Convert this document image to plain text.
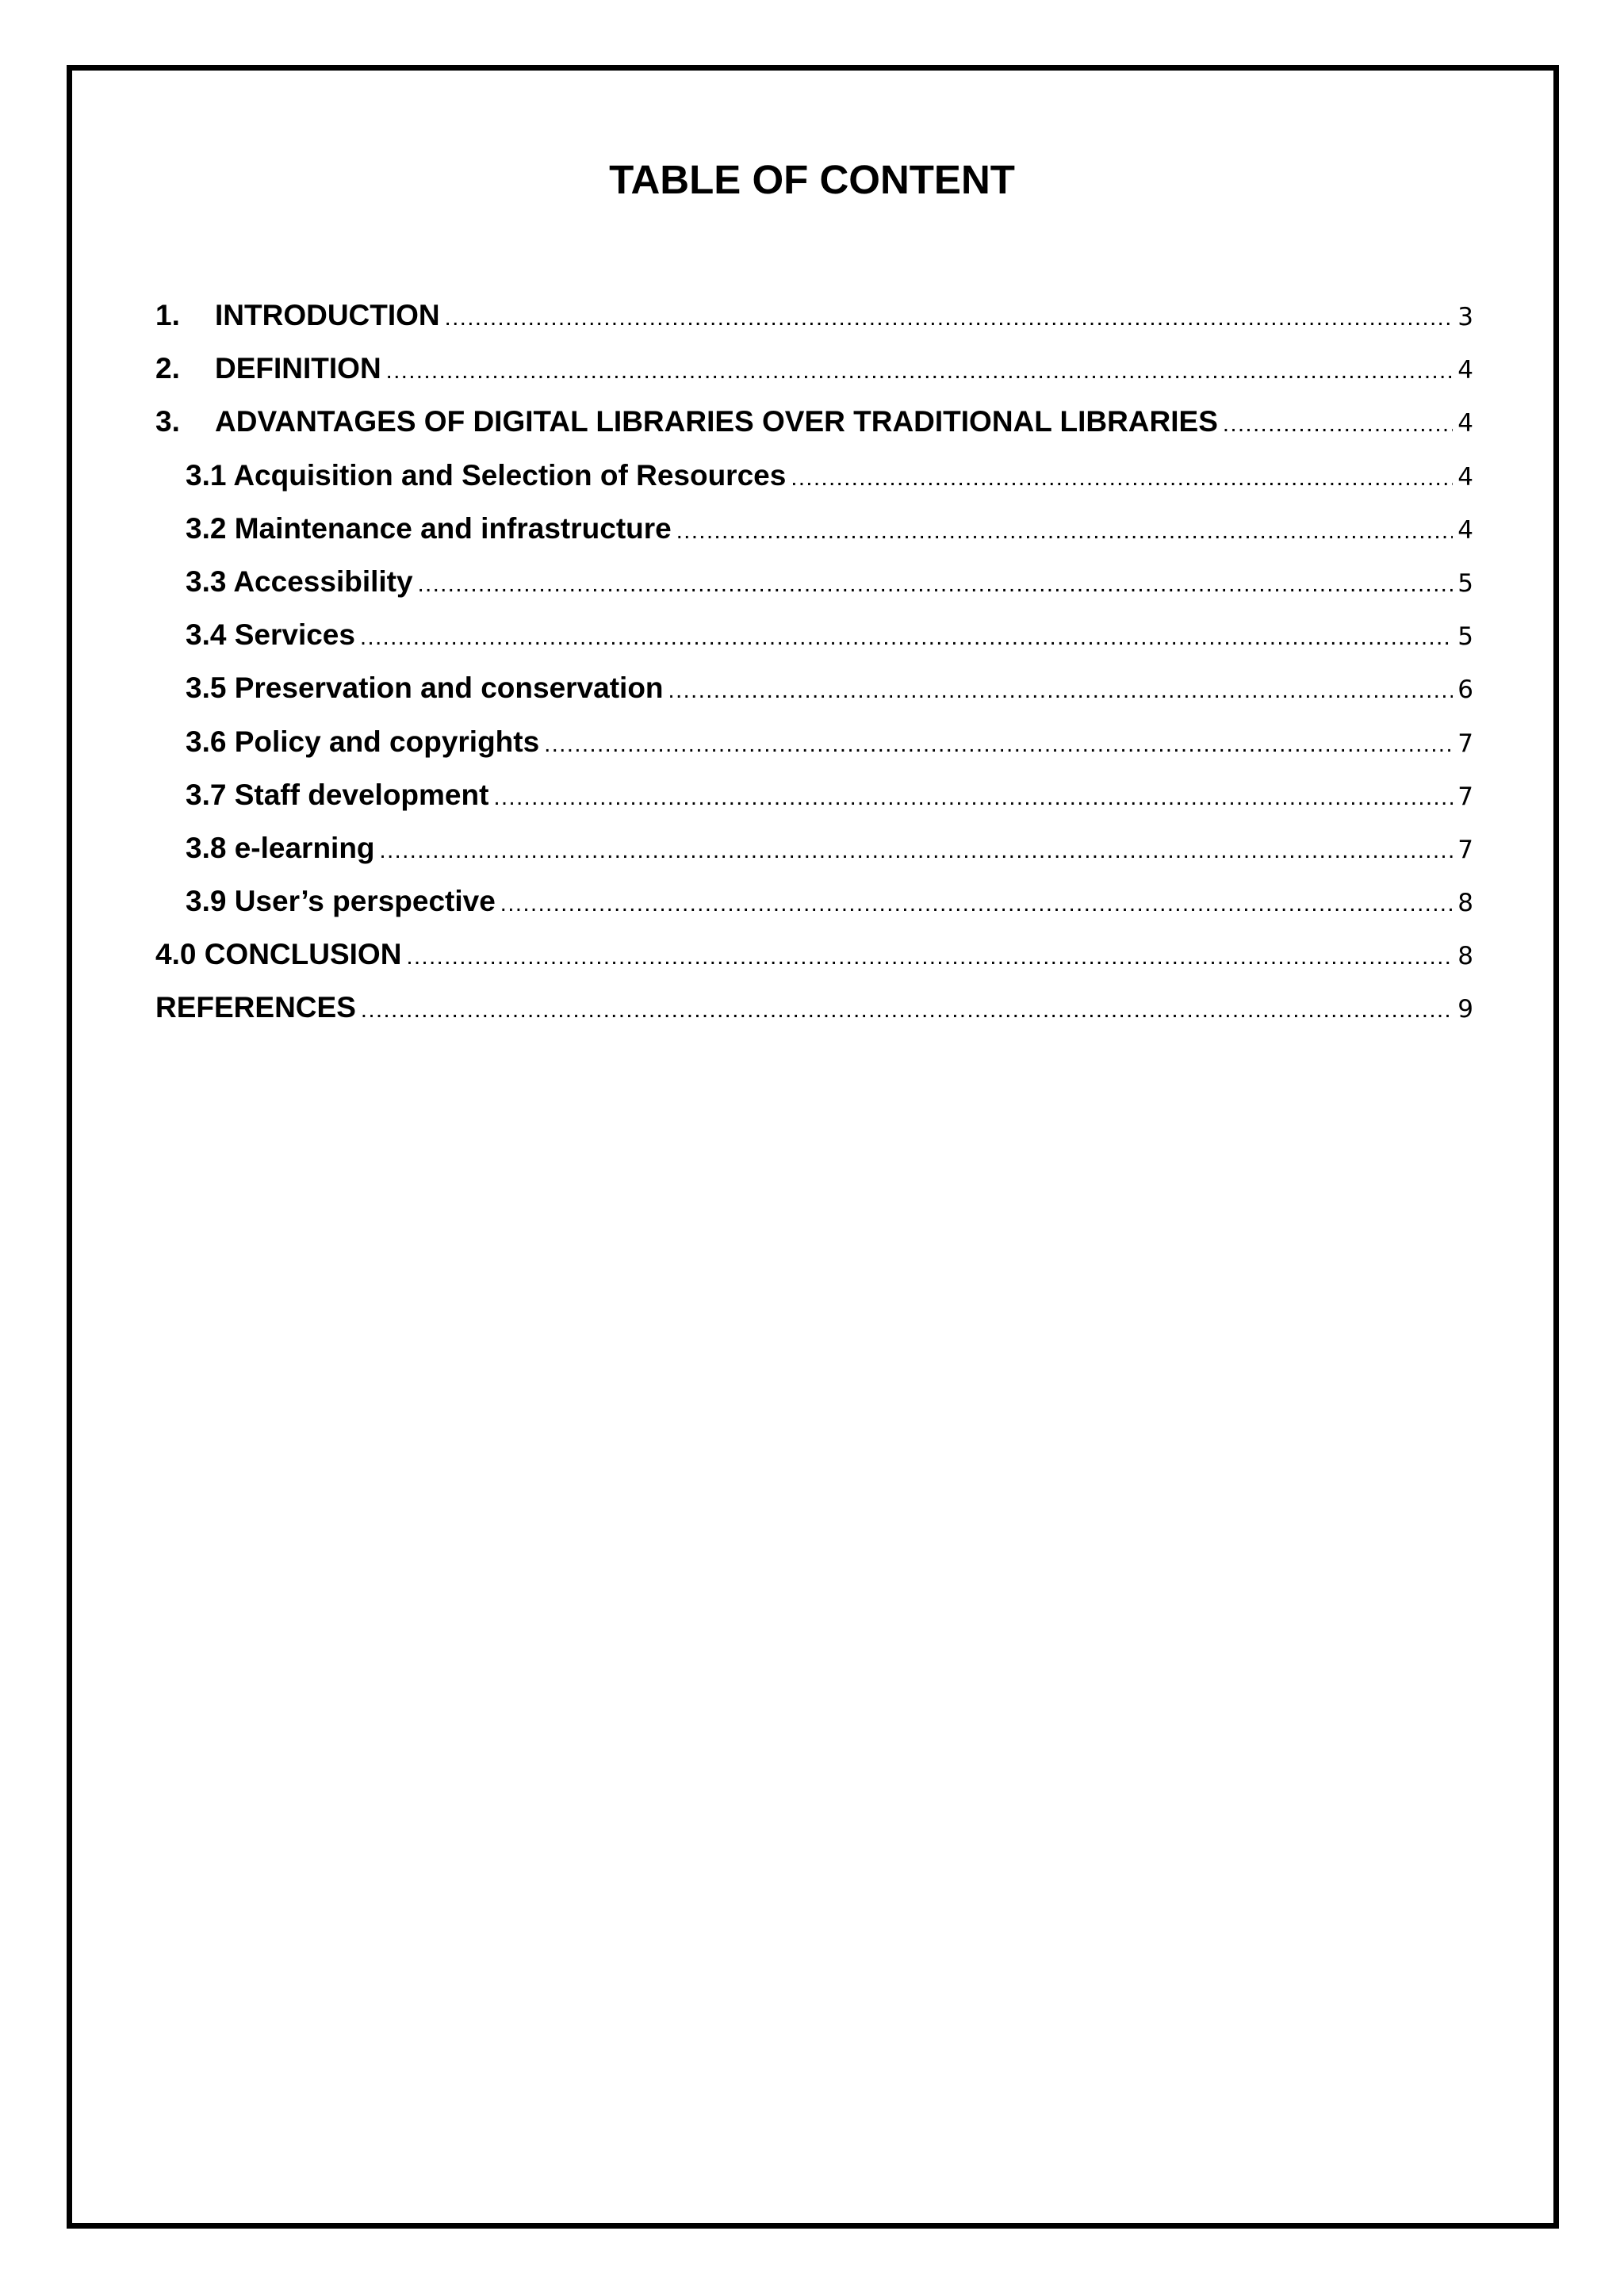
TABLE OF CONTENT
1.	INTRODUCTION .....	3
2.	DEFINITION .....	4
3.	ADVANTAGES OF DIGITAL LIBRARIES OVER TRADITIONAL LIBRARIES .....	4
3.1 Acquisition and Selection of Resources .....	4
3.2 Maintenance and infrastructure .....	4
3.3 Accessibility .....	5
3.4 Services .....	5
3.5 Preservation and conservation .....	6
3.6 Policy and copyrights .....	7
3.7 Staff development .....	7
3.8 e-learning .....	7
3.9 User’s perspective .....	8
4.0 CONCLUSION .....	8
REFERENCES .....	9
